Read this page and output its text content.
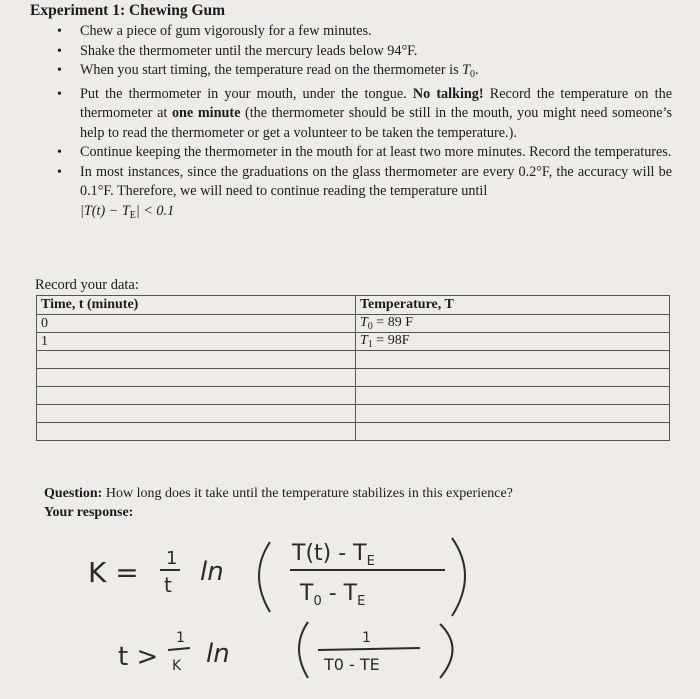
Experiment 1: Chewing Gum
• Chew a piece of gum vigorously for a few minutes.
• Shake the thermometer until the mercury leads below 94°F.
• When you start timing, the temperature read on the thermometer is $T_0$.
• Put the thermometer in your mouth, under the tongue. No talking! Record the temperature on the thermometer at one minute (the thermometer should be still in the mouth, you might need someone’s help to read the thermometer or get a volunteer to be taken the temperature.).
• Continue keeping the thermometer in the mouth for at least two more minutes. Record the temperatures.
• In most instances, since the graduations on the glass thermometer are every 0.2°F, the accuracy will be 0.1°F. Therefore, we will need to continue reading the temperature until
$|T(t) - T_E| < 0.1$
Record your data:
Time, t (minute)	Temperature, T
0	$T_0 = 89$ F
1	$T_1 = 98F$

Question: How long does it take until the temperature stabilizes in this experience?
Your response:
K = 1
t ln
$T(t) - T_E$
$T_0 - T_E$
t >
1
K ln
1
T0 - TE
